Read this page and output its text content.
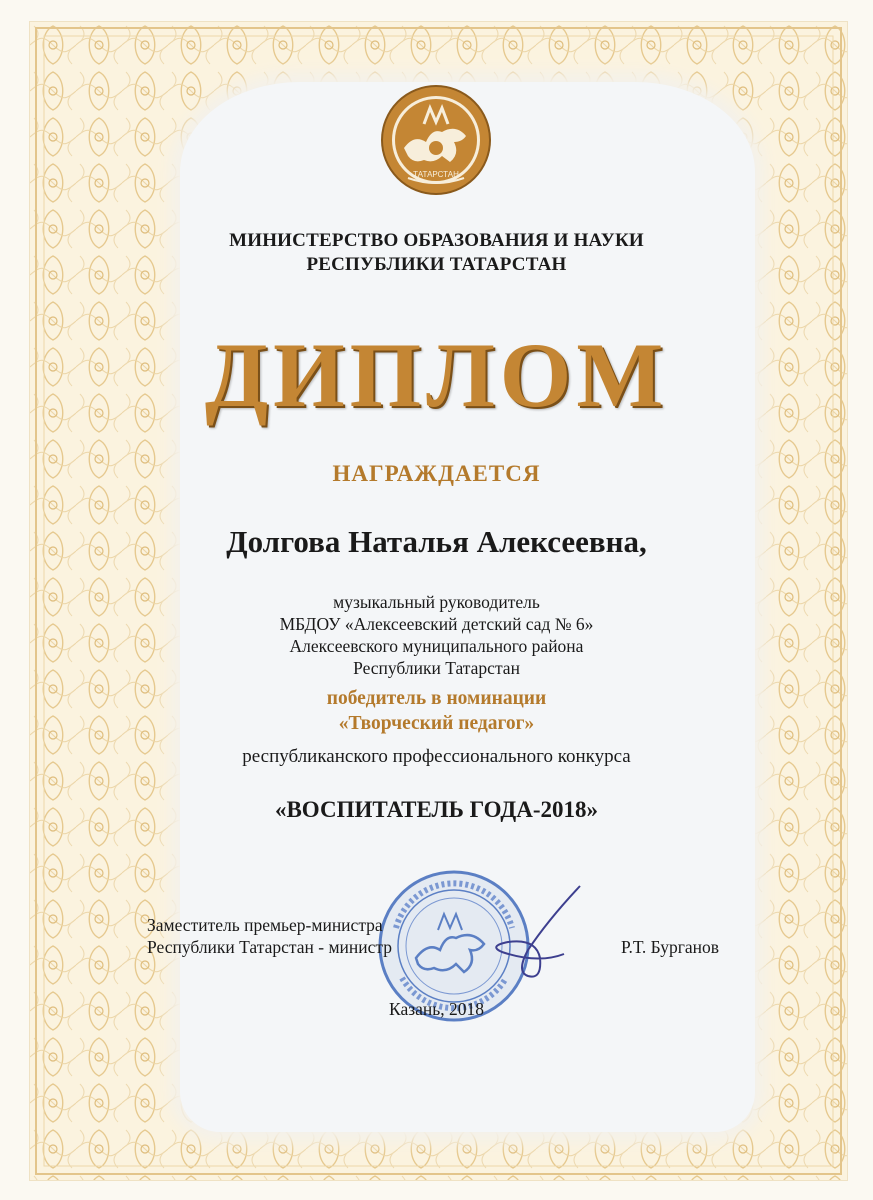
ТАТАРСТАН
МИНИСТЕРСТВО ОБРАЗОВАНИЯ И НАУКИ
РЕСПУБЛИКИ ТАТАРСТАН
ДИПЛОМ
НАГРАЖДАЕТСЯ
Долгова Наталья Алексеевна,
музыкальный руководитель
МБДОУ «Алексеевский детский сад № 6»
Алексеевского муниципального района
Республики Татарстан
победитель в номинации
«Творческий педагог»
республиканского профессионального конкурса
«ВОСПИТАТЕЛЬ ГОДА-2018»
Заместитель премьер-министра
Республики Татарстан - министр	Р.Т. Бурганов
Казань, 2018
